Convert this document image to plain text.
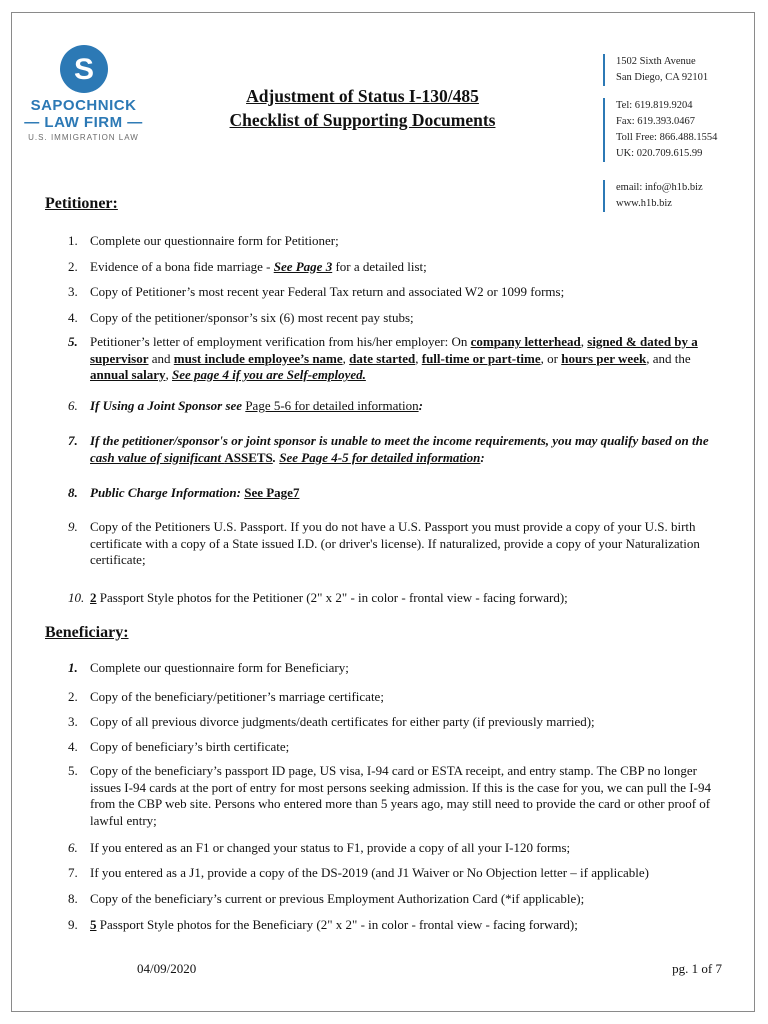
S
SAPOCHNICK
— LAW FIRM —
U.S. IMMIGRATION LAW
Adjustment of Status I-130/485
Checklist of Supporting Documents
1502 Sixth Avenue
San Diego, CA 92101
Tel: 619.819.9204
Fax: 619.393.0467
Toll Free: 866.488.1554
UK: 020.709.615.99
email: info@h1b.biz
www.h1b.biz
Petitioner:
1. Complete our questionnaire form for Petitioner;
2. Evidence of a bona fide marriage - See Page 3 for a detailed list;
3. Copy of Petitioner’s most recent year Federal Tax return and associated W2 or 1099 forms;
4. Copy of the petitioner/sponsor’s six (6) most recent pay stubs;
5. Petitioner’s letter of employment verification from his/her employer: On company letterhead, signed & dated by a supervisor and must include employee’s name, date started, full-time or part-time, or hours per week, and the annual salary, See page 4 if you are Self-employed.
6. If Using a Joint Sponsor see Page 5-6 for detailed information:
7. If the petitioner/sponsor's or joint sponsor is unable to meet the income requirements, you may qualify based on the cash value of significant ASSETS. See Page 4-5 for detailed information:
8. Public Charge Information: See Page7
9. Copy of the Petitioners U.S. Passport. If you do not have a U.S. Passport you must provide a copy of your U.S. birth certificate with a copy of a State issued I.D. (or driver's license). If naturalized, provide a copy of your Naturalization certificate;
10. 2 Passport Style photos for the Petitioner (2" x 2" - in color - frontal view - facing forward);
Beneficiary:
1. Complete our questionnaire form for Beneficiary;
2. Copy of the beneficiary/petitioner’s marriage certificate;
3. Copy of all previous divorce judgments/death certificates for either party (if previously married);
4. Copy of beneficiary’s birth certificate;
5. Copy of the beneficiary’s passport ID page, US visa, I-94 card or ESTA receipt, and entry stamp. The CBP no longer issues I-94 cards at the port of entry for most persons seeking admission. If this is the case for you, we can pull the I-94 from the CBP web site. Persons who entered more than 5 years ago, may still need to provide the card or other proof of lawful entry;
6. If you entered as an F1 or changed your status to F1, provide a copy of all your I-120 forms;
7. If you entered as a J1, provide a copy of the DS-2019 (and J1 Waiver or No Objection letter – if applicable)
8. Copy of the beneficiary’s current or previous Employment Authorization Card (*if applicable);
9. 5 Passport Style photos for the Beneficiary (2" x 2" - in color - frontal view - facing forward);
04/09/2020	pg. 1 of 7
